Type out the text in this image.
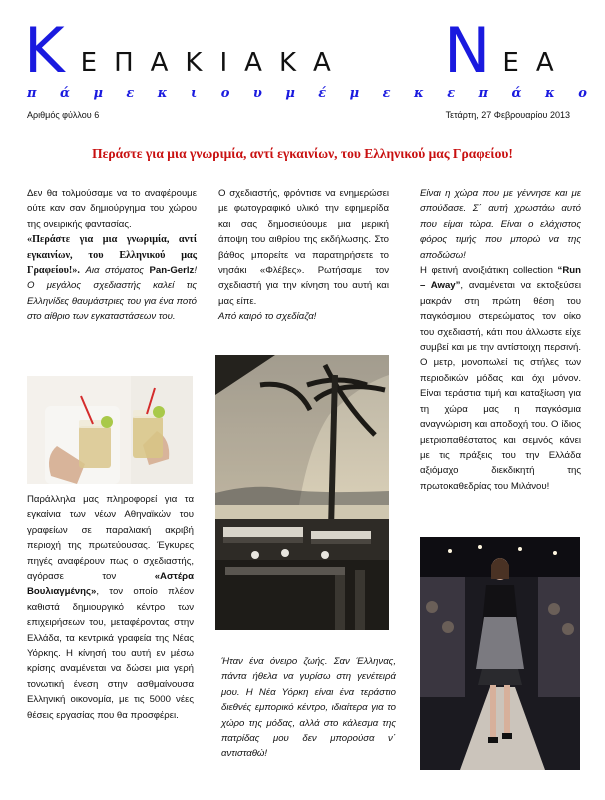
K ΕΠΑΚΙΑΚΑ N ΕΑ
π ά μ ε κ ι ο υ μ έ μ ε κ ε π ά κ ο
Αριθμός φύλλου 6	Τετάρτη, 27 Φεβρουαρίου 2013
Περάστε για μια γνωριμία, αντί εγκαινίων, του Ελληνικού μας Γραφείου!

Δεν θα τολμούσαμε να το αναφέρουμε ούτε καν σαν δημιούργημα του χώρου της ονειρικής φαντασίας.

«Περάστε για μια γνωριμία, αντί εγκαινίων, του Ελληνικού μας Γραφείου!». Αια στόματος Pan-Gerlz! Ο μεγάλος σχεδιαστής καλεί τις Ελληνίδες θαυμάστριες του για ένα ποτό στο αίθριο των εγκαταστάσεων του.

Παράλληλα μας πληροφορεί για τα εγκαίνια των νέων Αθηναϊκών του γραφείων σε παραλιακή ακριβή περιοχή της πρωτεύουσας. Έγκυρες πηγές αναφέρουν πως ο σχεδιαστής, αγόρασε τον	«Αστέρα Βουλιαγμένης», τον οποίο πλέον καθιστά δημιουργικό κέντρο των επιχειρήσεων του, μεταφέροντας στην Ελλάδα, τα κεντρικά γραφεία της Νέας Υόρκης. Η κίνησή του αυτή εν μέσω κρίσης αναμένεται να δώσει μια γερή τονωτική ένεση στην ασθμαίνουσα Ελληνική οικονομία, με τις 5000 νέες θέσεις εργασίας που θα προσφέρει.

Ο σχεδιαστής, φρόντισε να ενημερώσει με φωτογραφικό υλικό την εφημερίδα και σας δημοσιεύουμε μια μερική άποψη του αιθρίου της εκδήλωσης. Στο βάθος μπορείτε να παρατηρήσετε το νησάκι «Φλέβες». Ρωτήσαμε τον σχεδιαστή για την κίνηση του αυτή και μας είπε.

Από καιρό το σχεδίαζα!

Ήταν ένα όνειρο ζωής. Σαν Έλληνας, πάντα ήθελα να γυρίσω στη γενέτειρά μου. Η Νέα Υόρκη είναι ένα τεράστιο διεθνές εμπορικό κέντρο, ιδιαίτερα για το χώρο της μόδας, αλλά στο κάλεσμα της πατρίδας μου δεν μπορούσα ν΄ αντισταθώ!

Είναι η χώρα που με γέννησε και με σπούδασε. Σ΄ αυτή χρωστάω αυτό που είμαι τώρα. Είναι ο ελάχιστος φόρος τιμής που μπορώ να της αποδώσω!

Η φετινή ανοιξιάτικη collection “Run – Away”, αναμένεται να εκτοξεύσει μακράν στη πρώτη θέση του παγκόσμιου στερεώματος τον οίκο του σχεδιαστή, κάτι που άλλωστε είχε συμβεί και με την αντίστοιχη περσινή. Ο μετρ, μονοπωλεί τις στήλες των περιοδικών μόδας και όχι μόνον. Είναι τεράστια τιμή και καταξίωση για τη χώρα μας η παγκόσμια αναγνώριση και αποδοχή του. Ο ίδιος μετριοπαθέστατος και σεμνός κάνει με τις πράξεις του την Ελλάδα αξιόμαχο διεκδικητή της πρωτοκαθεδρίας του Μιλάνου!
